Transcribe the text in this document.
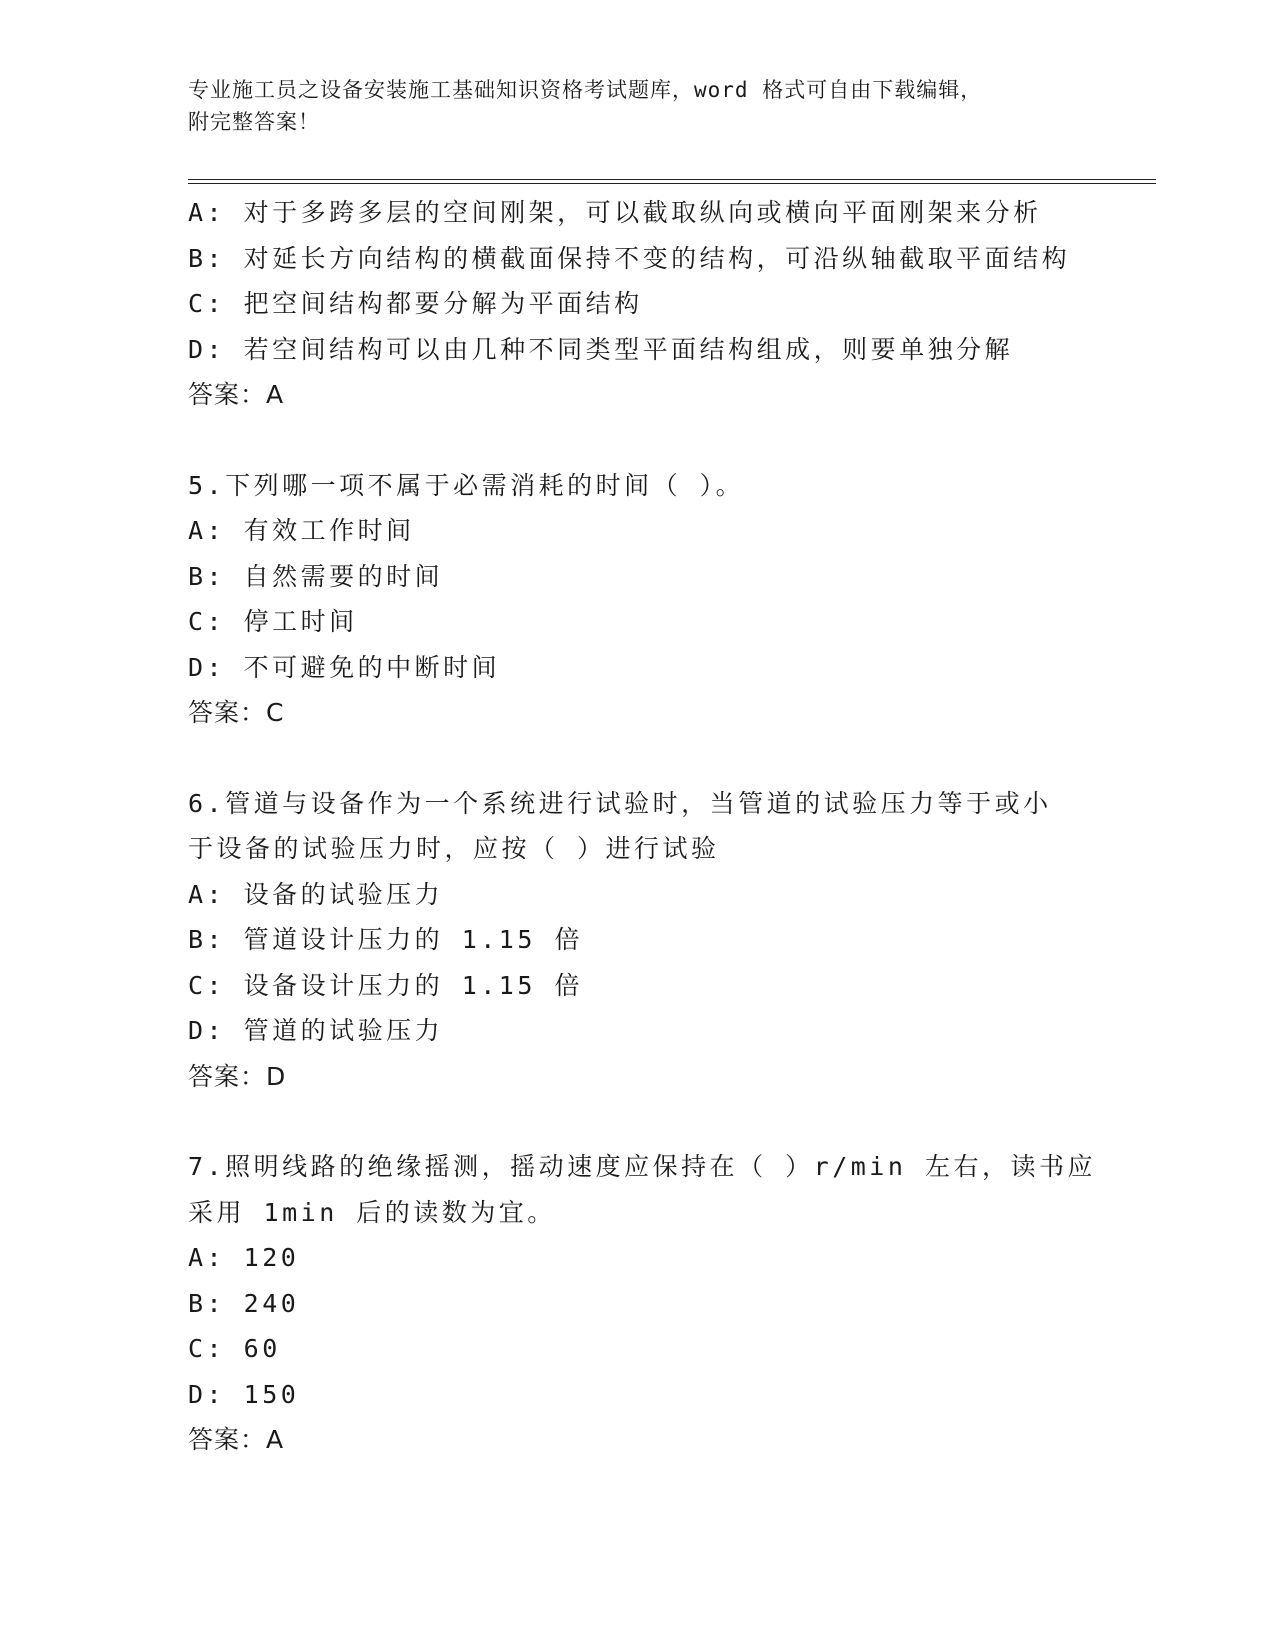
专业施工员之设备安装施工基础知识资格考试题库，word 格式可自由下载编辑，
附完整答案！
A: 对于多跨多层的空间刚架，可以截取纵向或横向平面刚架来分析
B: 对延长方向结构的横截面保持不变的结构，可沿纵轴截取平面结构
C: 把空间结构都要分解为平面结构
D: 若空间结构可以由几种不同类型平面结构组成，则要单独分解
答案：A
5.下列哪一项不属于必需消耗的时间（ ）。
A: 有效工作时间
B: 自然需要的时间
C: 停工时间
D: 不可避免的中断时间
答案：C
6.管道与设备作为一个系统进行试验时，当管道的试验压力等于或小
于设备的试验压力时，应按（ ）进行试验
A: 设备的试验压力
B: 管道设计压力的 1.15 倍
C: 设备设计压力的 1.15 倍
D: 管道的试验压力
答案：D
7.照明线路的绝缘摇测，摇动速度应保持在（ ）r/min 左右，读书应
采用 1min 后的读数为宜。
A: 120
B: 240
C: 60
D: 150
答案：A
